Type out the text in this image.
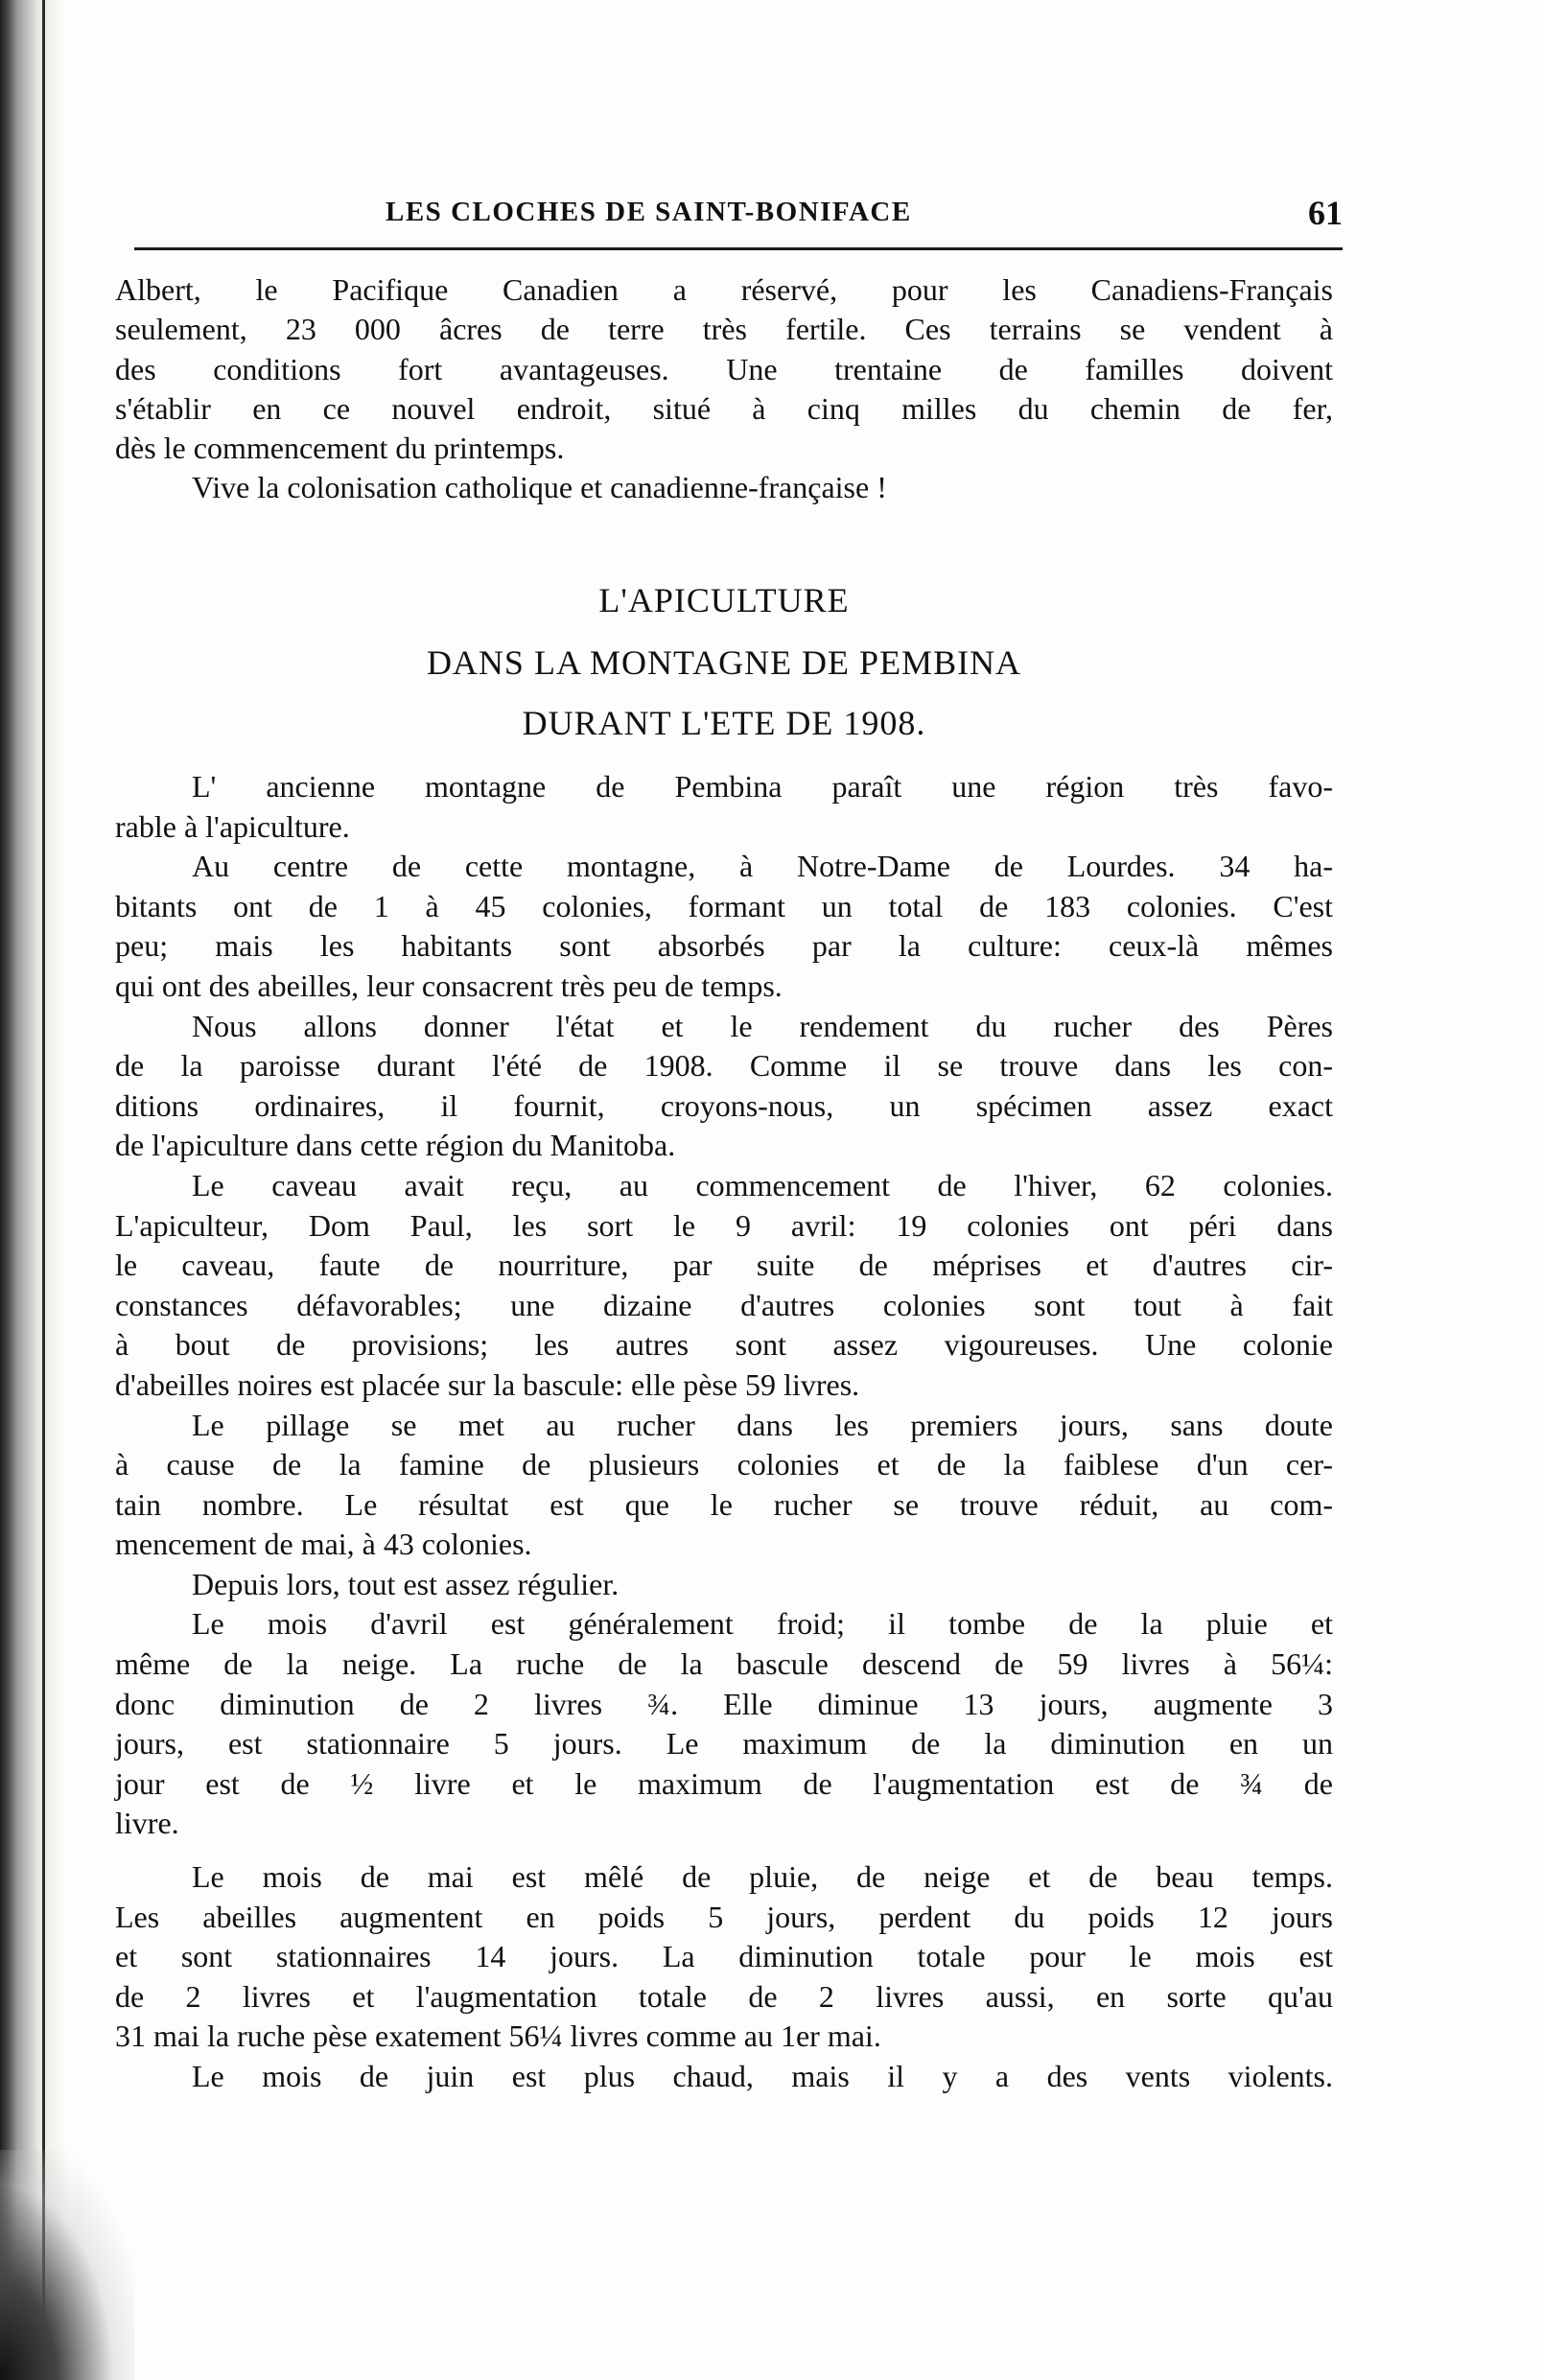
LES CLOCHES DE SAINT-BONIFACE	61
Albert, le Pacifique Canadien a réservé, pour les Canadiens-Français
seulement, 23 000 âcres de terre très fertile. Ces terrains se vendent à
des conditions fort avantageuses. Une trentaine de familles doivent
s'établir en ce nouvel endroit, situé à cinq milles du chemin de fer,
dès le commencement du printemps.
Vive la colonisation catholique et canadienne-française !
L'APICULTURE
DANS LA MONTAGNE DE PEMBINA
DURANT L'ETE DE 1908.
L' ancienne montagne de Pembina paraît une région très favo-
rable à l'apiculture.
Au centre de cette montagne, à Notre-Dame de Lourdes. 34 ha-
bitants ont de 1 à 45 colonies, formant un total de 183 colonies. C'est
peu; mais les habitants sont absorbés par la culture: ceux-là mêmes
qui ont des abeilles, leur consacrent très peu de temps.
Nous allons donner l'état et le rendement du rucher des Pères
de la paroisse durant l'été de 1908. Comme il se trouve dans les con-
ditions ordinaires, il fournit, croyons-nous, un spécimen assez exact
de l'apiculture dans cette région du Manitoba.
Le caveau avait reçu, au commencement de l'hiver, 62 colonies.
L'apiculteur, Dom Paul, les sort le 9 avril: 19 colonies ont péri dans
le caveau, faute de nourriture, par suite de méprises et d'autres cir-
constances défavorables; une dizaine d'autres colonies sont tout à fait
à bout de provisions; les autres sont assez vigoureuses. Une colonie
d'abeilles noires est placée sur la bascule: elle pèse 59 livres.
Le pillage se met au rucher dans les premiers jours, sans doute
à cause de la famine de plusieurs colonies et de la faiblese d'un cer-
tain nombre. Le résultat est que le rucher se trouve réduit, au com-
mencement de mai, à 43 colonies.
Depuis lors, tout est assez régulier.
Le mois d'avril est généralement froid; il tombe de la pluie et
même de la neige. La ruche de la bascule descend de 59 livres à 56¼:
donc diminution de 2 livres ¾. Elle diminue 13 jours, augmente 3
jours, est stationnaire 5 jours. Le maximum de la diminution en un
jour est de ½ livre et le maximum de l'augmentation est de ¾ de
livre.
Le mois de mai est mêlé de pluie, de neige et de beau temps.
Les abeilles augmentent en poids 5 jours, perdent du poids 12 jours
et sont stationnaires 14 jours. La diminution totale pour le mois est
de 2 livres et l'augmentation totale de 2 livres aussi, en sorte qu'au
31 mai la ruche pèse exatement 56¼ livres comme au 1er mai.
Le mois de juin est plus chaud, mais il y a des vents violents.
